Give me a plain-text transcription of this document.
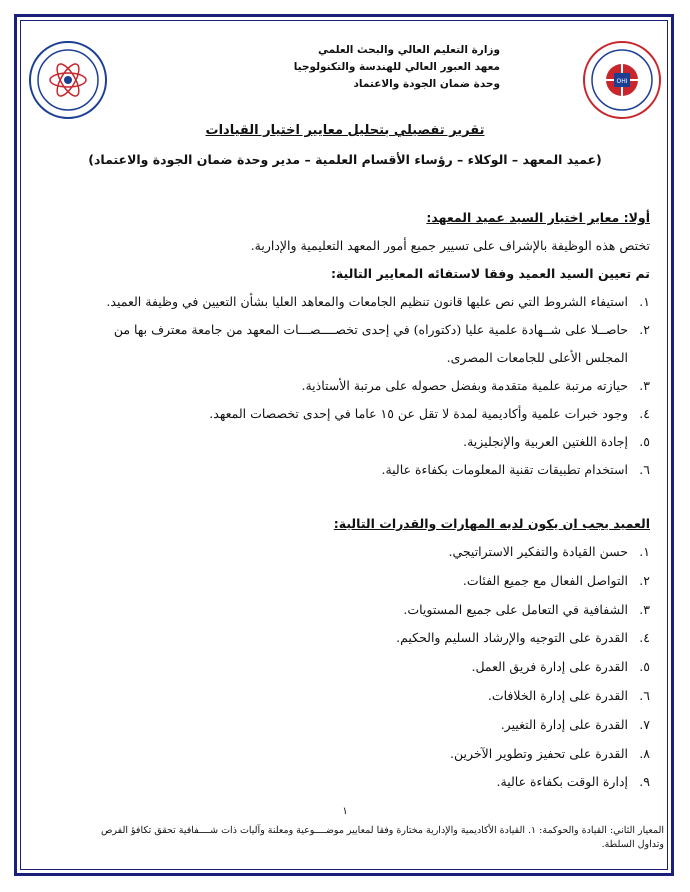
OHI
وزارة التعليم العالي والبحث العلمي
معهد العبور العالي للهندسة والتكنولوجيا
وحدة ضمان الجودة والاعتماد
تقرير تفصيلي بتحليل معايير اختيار القيادات
(عميد المعهد – الوكلاء – رؤساء الأقسام العلمية – مدير وحدة ضمان الجودة والاعتماد)
أولا: معاير اختيار السيد عميد المعهد:
تختص هذه الوظيفة بالإشراف على تسيير جميع أمور المعهد التعليمية والإدارية.
تم تعيين السيد العميد وفقا لاستفائه المعايير التالية:
١.
استيفاء الشروط التي نص عليها قانون تنظيم الجامعات والمعاهد العليا بشأن التعيين في وظيفة العميد.
٢.
حاصــلا على شــهادة علمية عليا (دكتوراه) في إحدى تخصــــصـــات المعهد من جامعة معترف بها من
المجلس الأعلى للجامعات المصرى.
٣.
حيازته مرتبة علمية متقدمة وبفضل حصوله على مرتبة الأستاذية.
٤.
وجود خبرات علمية وأكاديمية لمدة لا تقل عن ١٥ عاما في إحدى تخصصات المعهد.
٥.
إجادة اللغتين العربية والإنجليزية.
٦.
استخدام تطبيقات تقنية المعلومات بكفاءة عالية.
العميد يجب ان يكون لديه المهارات والقدرات التالية:
١.
حسن القيادة والتفكير الاستراتيجي.
٢.
التواصل الفعال مع جميع الفئات.
٣.
الشفافية في التعامل على جميع المستويات.
٤.
القدرة على التوجيه والإرشاد السليم والحكيم.
٥.
القدرة على إدارة فريق العمل.
٦.
القدرة على إدارة الخلافات.
٧.
القدرة على إدارة التغيير.
٨.
القدرة على تحفيز وتطوير الآخرين.
٩.
إدارة الوقت بكفاءة عالية.
١
المعيار الثاني: القيادة والحوكمة: ١. القيادة الأكاديمية والإدارية مختارة وفقا لمعايير موضــــوعية ومعلنة وآليات ذات شــــفافية تحقق تكافؤ الفرص
وتداول السلطة.
